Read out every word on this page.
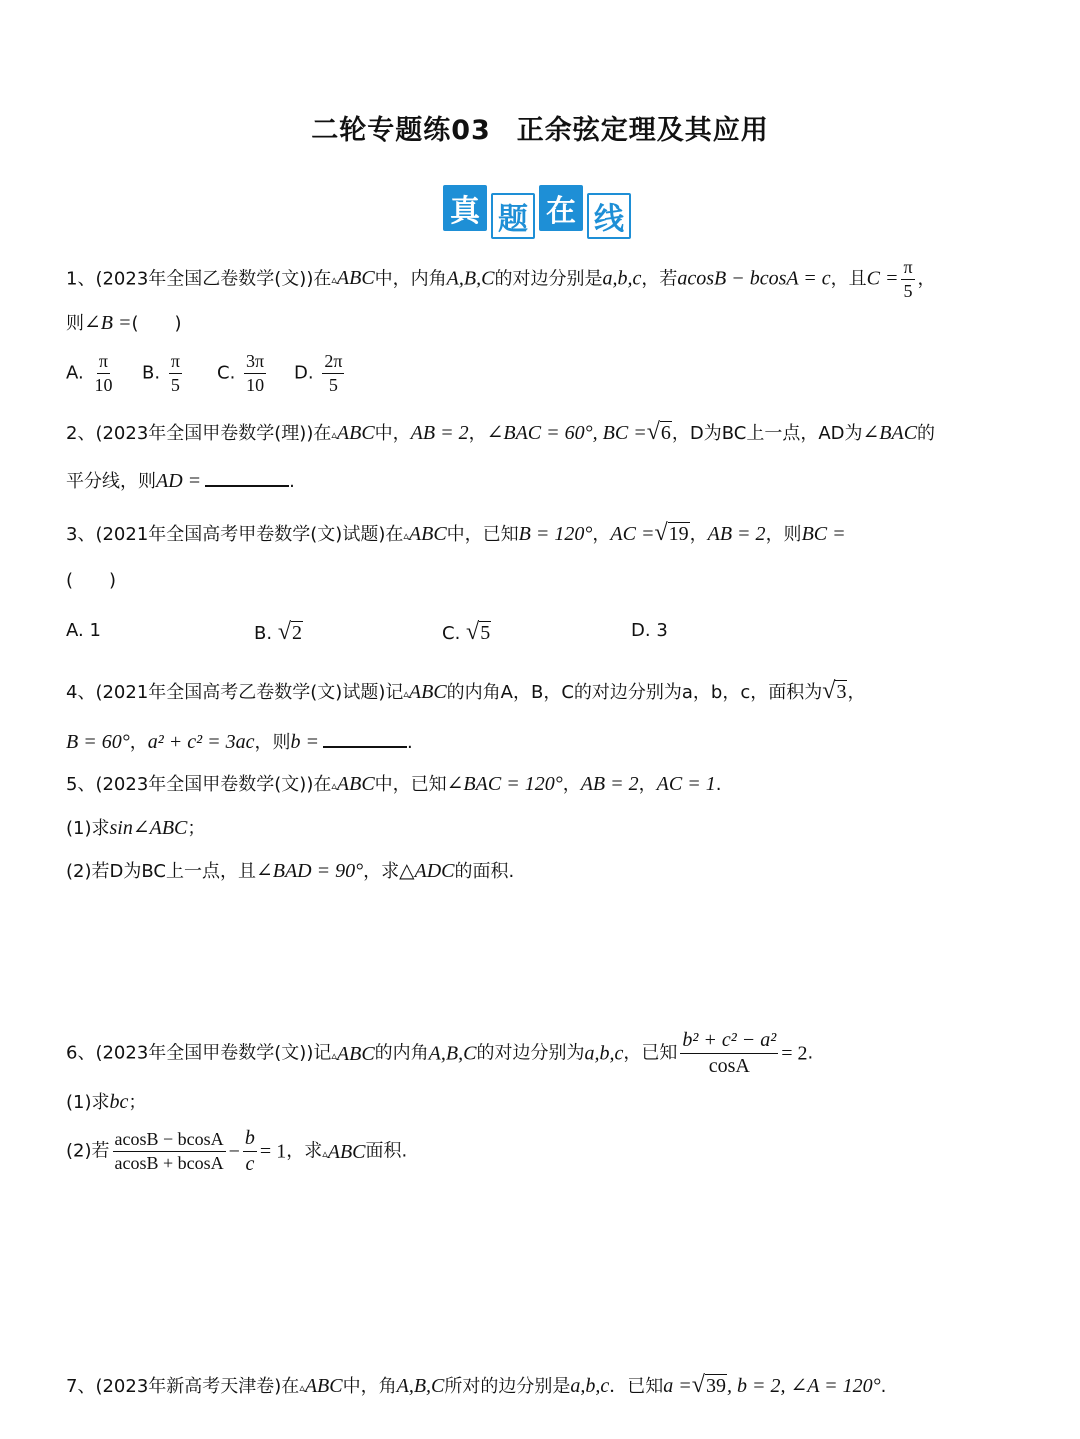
二轮专题练03 正余弦定理及其应用
真 题 在 线
1、(2023年全国乙卷数学(文))在▵ABC中，内角A,B,C的对边分别是a,b,c，若acosB − bcosA = c，且$C = \frac{\pi}{5}$ ，
则∠B =(　　)
A. $\frac{\pi}{10} B$. $\frac{\pi}{5} C$. $\frac{3\pi}{10} D$. $\frac{2\pi}{5}$
2、(2023年全国甲卷数学(理))在▵ABC中，AB = 2，∠BAC = 60°, BC =√6，D为BC上一点，AD为∠BAC的
平分线，则AD =	.
3、(2021年全国高考甲卷数学(文)试题)在▵ABC中，已知B = 120°，AC =√19，AB = 2，则BC =
(　　)
A. 1	B. √2	C. √5	D. 3
4、(2021年全国高考乙卷数学(文)试题)记▵ABC的内角A，B，C的对边分别为a，b，c，面积为√3，
B = 60°，a² + c² = 3ac，则b =	.
5、(2023年全国甲卷数学(文))在▵ABC中，已知∠BAC = 120°，AB = 2，AC = 1.
(1)求sin∠ABC；
(2)若D为BC上一点，且∠BAD = 90°，求△ADC的面积.
6、(2023年全国甲卷数学(文))记▵ABC的内角A,B,C的对边分别为a,b,c，已知 $\frac{\text{b² + c² − a²}}{\cos A} = 2$.
(1)求bc；
(2)若 $\frac{acosB - bcosA}{acosB + bcosA} - \frac{b}{c} = 1$，求▵ABC面积.
7、(2023年新高考天津卷)在▵ABC中，角A,B,C所对的边分别是a,b,c．已知a =√39, b = 2, ∠A = 120°.
